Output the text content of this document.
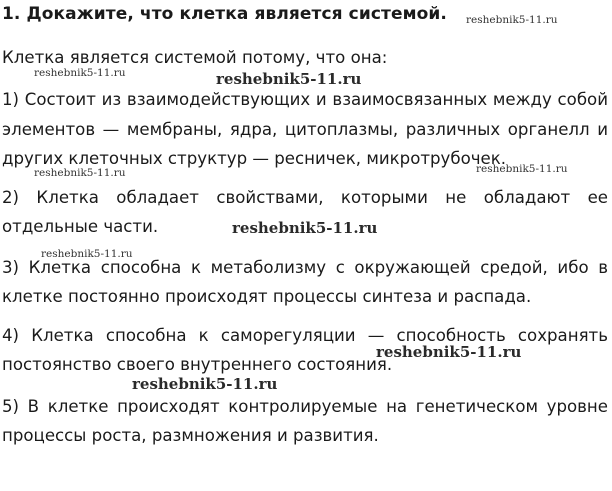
1. Докажите, что клетка является системой.
Клетка является системой потому, что она:
1) Состоит из взаимодействующих и взаимосвязанных между собой
элементов — мембраны, ядра, цитоплазмы, различных органелл и
других клеточных структур — ресничек, микротрубочек.
2) Клетка обладает свойствами, которыми не обладают ее
отдельные части.
3) Клетка способна к метаболизму с окружающей средой, ибо в
клетке постоянно происходят процессы синтеза и распада.
4) Клетка способна к саморегуляции — способность сохранять
постоянство своего внутреннего состояния.
5) В клетке происходят контролируемые на генетическом уровне
процессы роста, размножения и развития.
reshebnik5-11.ru
reshebnik5-11.ru	reshebnik5-11.ru
reshebnik5-11.ru	reshebnik5-11.ru
reshebnik5-11.ru
reshebnik5-11.ru
reshebnik5-11.ru
reshebnik5-11.ru
